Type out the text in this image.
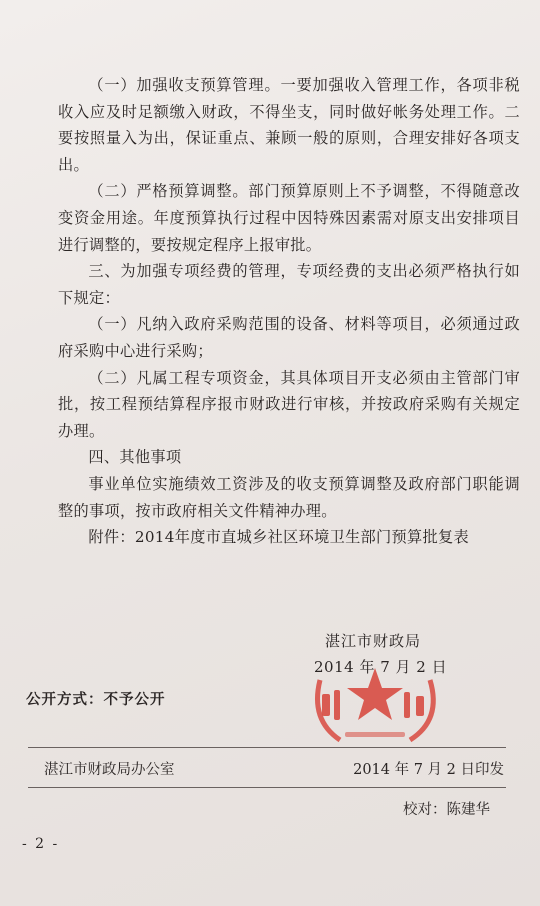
（一）加强收支预算管理。一要加强收入管理工作，各项非税收入应及时足额缴入财政，不得坐支，同时做好帐务处理工作。二要按照量入为出，保证重点、兼顾一般的原则，合理安排好各项支出。

（二）严格预算调整。部门预算原则上不予调整，不得随意改变资金用途。年度预算执行过程中因特殊因素需对原支出安排项目进行调整的，要按规定程序上报审批。

三、为加强专项经费的管理，专项经费的支出必须严格执行如下规定：

（一）凡纳入政府采购范围的设备、材料等项目，必须通过政府采购中心进行采购；

（二）凡属工程专项资金，其具体项目开支必须由主管部门审批，按工程预结算程序报市财政进行审核，并按政府采购有关规定办理。

四、其他事项

事业单位实施绩效工资涉及的收支预算调整及政府部门职能调整的事项，按市政府相关文件精神办理。

附件：2014年度市直城乡社区环境卫生部门预算批复表

湛江市财政局
2014 年 7 月 2 日
公开方式：不予公开
湛江市财政局办公室	2014 年 7 月 2 日印发
校对：陈建华
- 2 -
